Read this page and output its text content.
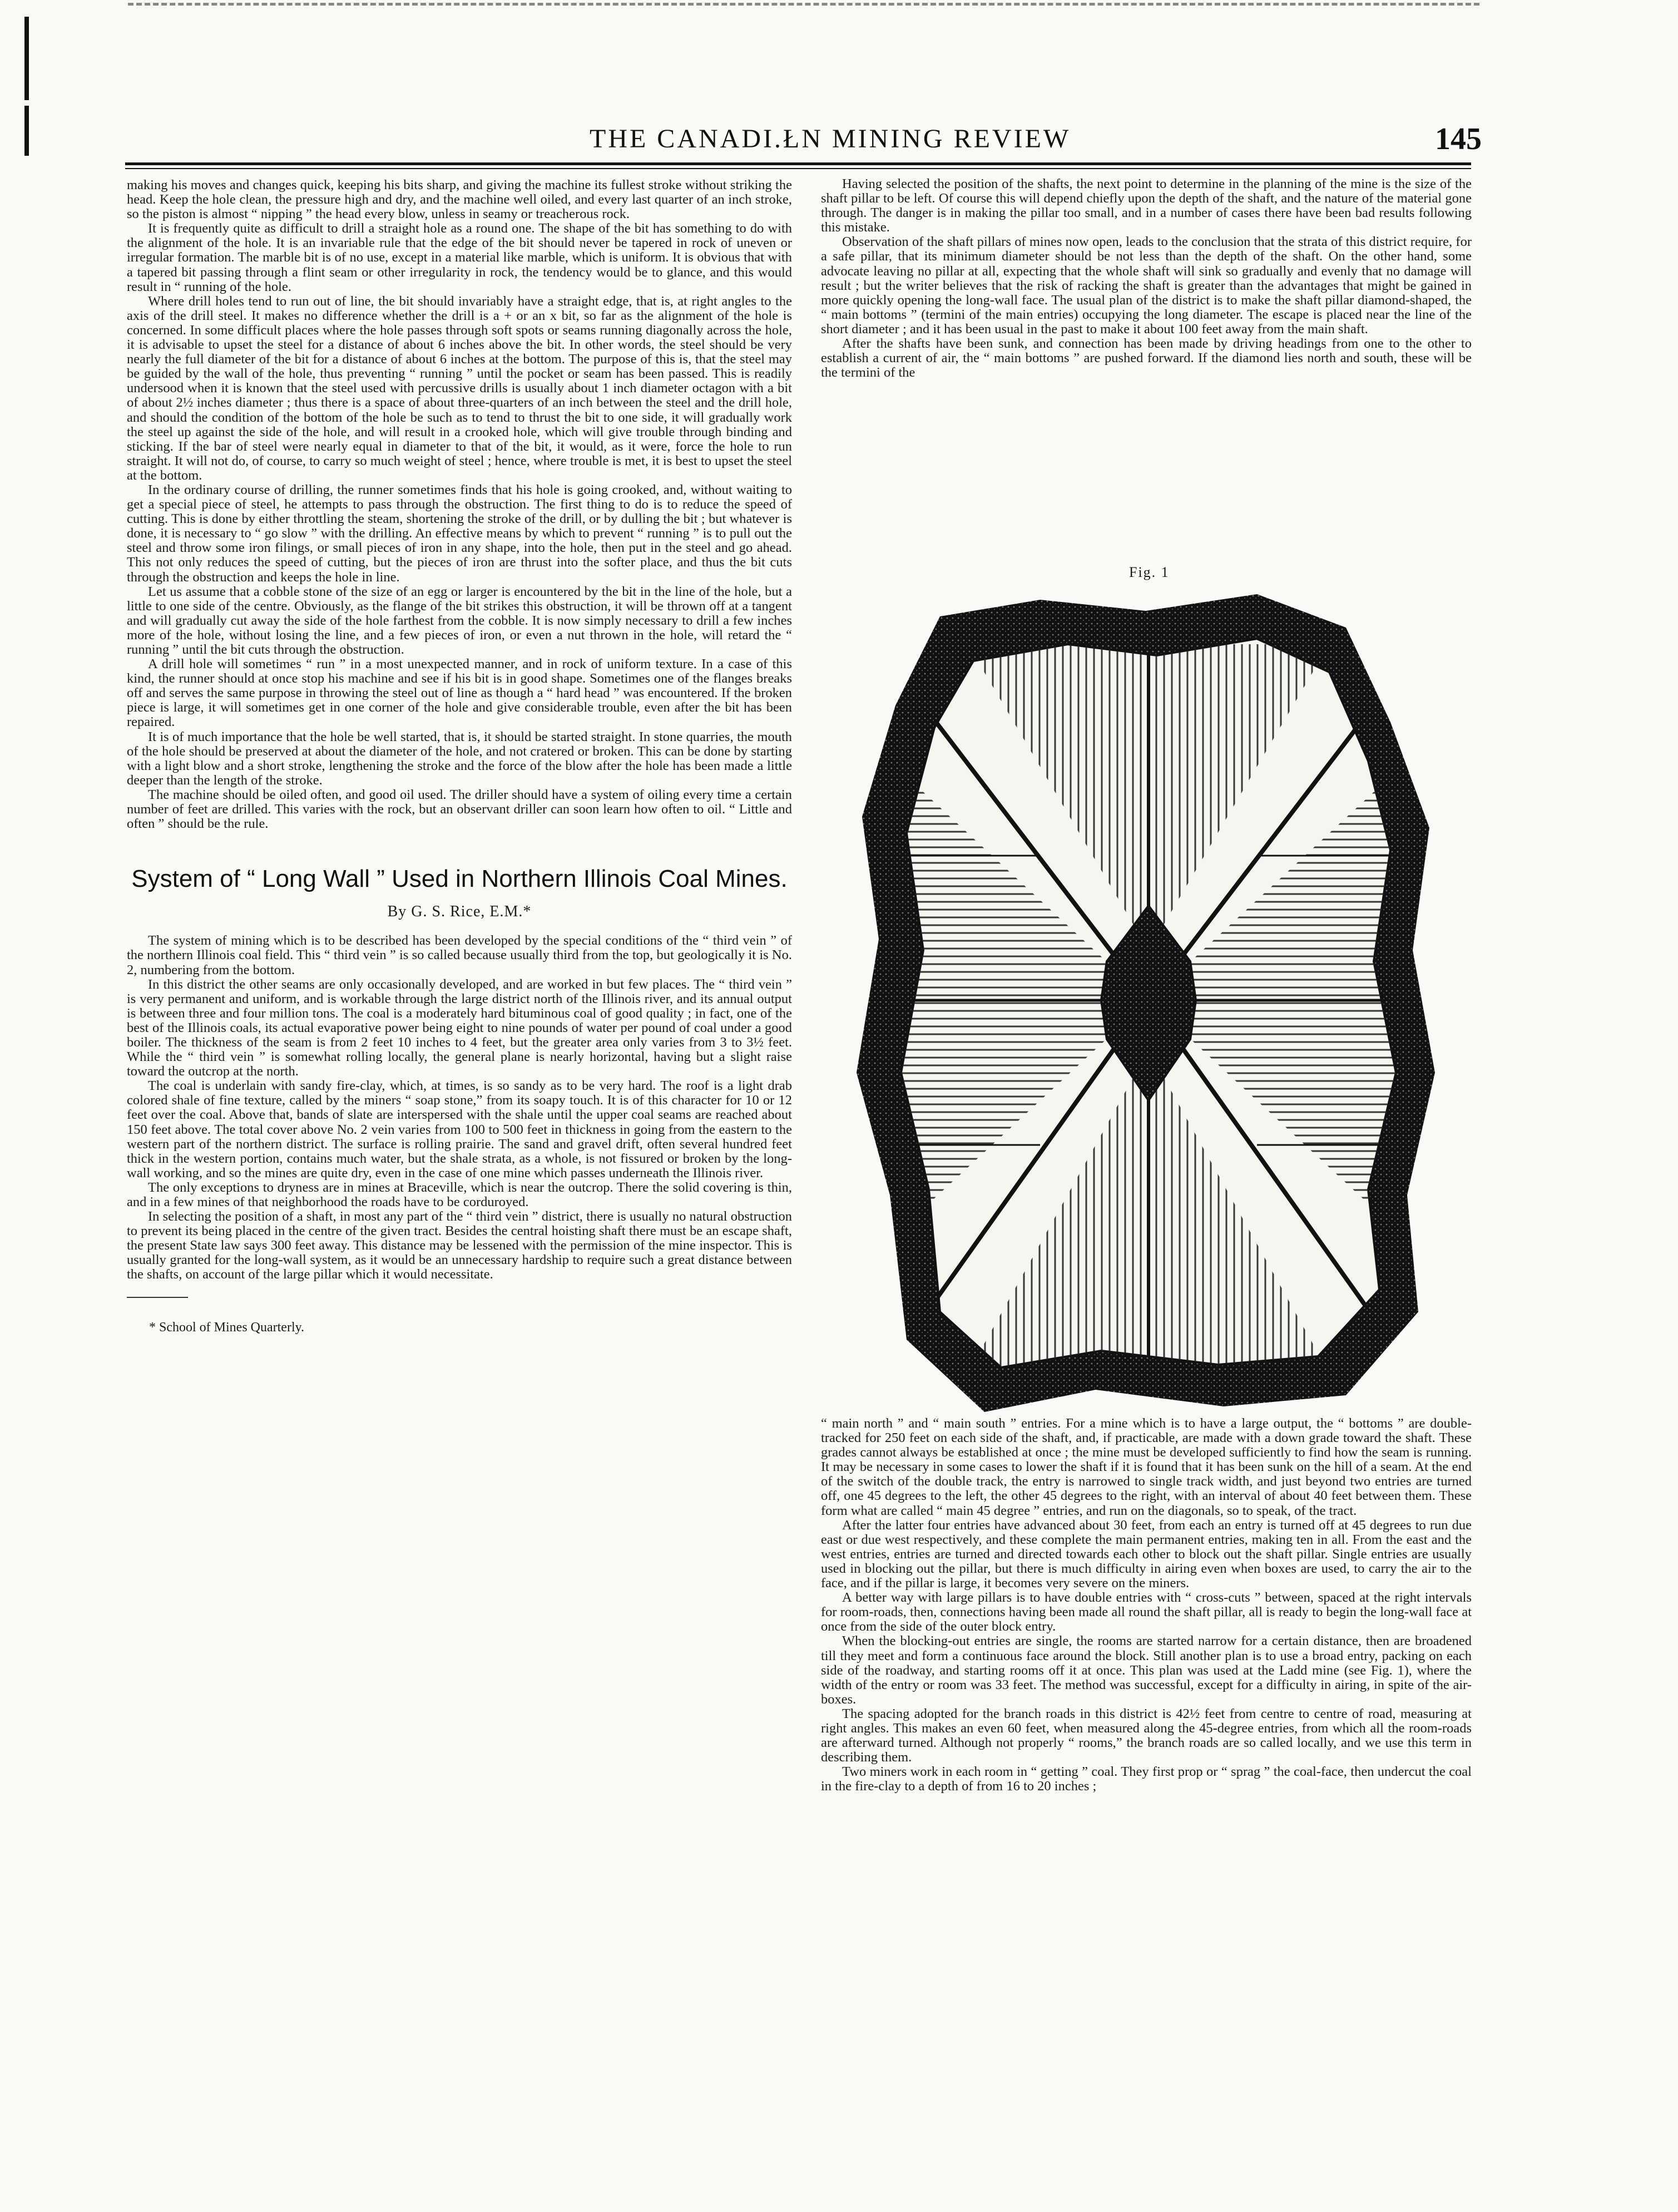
THE CANADI.ŁN MINING REVIEW	145

making his moves and changes quick, keeping his bits sharp, and giving the machine its fullest stroke without striking the head. Keep the hole clean, the pressure high and dry, and the machine well oiled, and every last quarter of an inch stroke, so the piston is almost “ nipping ” the head every blow, unless in seamy or treacherous rock.

It is frequently quite as difficult to drill a straight hole as a round one. The shape of the bit has something to do with the alignment of the hole. It is an invariable rule that the edge of the bit should never be tapered in rock of uneven or irregular formation. The marble bit is of no use, except in a material like marble, which is uniform. It is obvious that with a tapered bit passing through a flint seam or other irregularity in rock, the tendency would be to glance, and this would result in “ running of the hole.

Where drill holes tend to run out of line, the bit should invariably have a straight edge, that is, at right angles to the axis of the drill steel. It makes no difference whether the drill is a + or an x bit, so far as the alignment of the hole is concerned. In some difficult places where the hole passes through soft spots or seams running diagonally across the hole, it is advisable to upset the steel for a distance of about 6 inches above the bit. In other words, the steel should be very nearly the full diameter of the bit for a distance of about 6 inches at the bottom. The purpose of this is, that the steel may be guided by the wall of the hole, thus preventing “ running ” until the pocket or seam has been passed. This is readily undersood when it is known that the steel used with percussive drills is usually about 1 inch diameter octagon with a bit of about 2½ inches diameter ; thus there is a space of about three-quarters of an inch between the steel and the drill hole, and should the condition of the bottom of the hole be such as to tend to thrust the bit to one side, it will gradually work the steel up against the side of the hole, and will result in a crooked hole, which will give trouble through binding and sticking. If the bar of steel were nearly equal in diameter to that of the bit, it would, as it were, force the hole to run straight. It will not do, of course, to carry so much weight of steel ; hence, where trouble is met, it is best to upset the steel at the bottom.

In the ordinary course of drilling, the runner sometimes finds that his hole is going crooked, and, without waiting to get a special piece of steel, he attempts to pass through the obstruction. The first thing to do is to reduce the speed of cutting. This is done by either throttling the steam, shortening the stroke of the drill, or by dulling the bit ; but whatever is done, it is necessary to “ go slow ” with the drilling. An effective means by which to prevent “ running ” is to pull out the steel and throw some iron filings, or small pieces of iron in any shape, into the hole, then put in the steel and go ahead. This not only reduces the speed of cutting, but the pieces of iron are thrust into the softer place, and thus the bit cuts through the obstruction and keeps the hole in line.

Let us assume that a cobble stone of the size of an egg or larger is encountered by the bit in the line of the hole, but a little to one side of the centre. Obviously, as the flange of the bit strikes this obstruction, it will be thrown off at a tangent and will gradually cut away the side of the hole farthest from the cobble. It is now simply necessary to drill a few inches more of the hole, without losing the line, and a few pieces of iron, or even a nut thrown in the hole, will retard the “ running ” until the bit cuts through the obstruction.

A drill hole will sometimes “ run ” in a most unexpected manner, and in rock of uniform texture. In a case of this kind, the runner should at once stop his machine and see if his bit is in good shape. Sometimes one of the flanges breaks off and serves the same purpose in throwing the steel out of line as though a “ hard head ” was encountered. If the broken piece is large, it will sometimes get in one corner of the hole and give considerable trouble, even after the bit has been repaired.

It is of much importance that the hole be well started, that is, it should be started straight. In stone quarries, the mouth of the hole should be preserved at about the diameter of the hole, and not cratered or broken. This can be done by starting with a light blow and a short stroke, lengthening the stroke and the force of the blow after the hole has been made a little deeper than the length of the stroke.

The machine should be oiled often, and good oil used. The driller should have a system of oiling every time a certain number of feet are drilled. This varies with the rock, but an observant driller can soon learn how often to oil. “ Little and often ” should be the rule.

System of “ Long Wall ” Used in Northern Illinois Coal Mines.
By G. S. Rice, E.M.*

The system of mining which is to be described has been developed by the special conditions of the “ third vein ” of the northern Illinois coal field. This “ third vein ” is so called because usually third from the top, but geologically it is No. 2, numbering from the bottom.

In this district the other seams are only occasionally developed, and are worked in but few places. The “ third vein ” is very permanent and uniform, and is workable through the large district north of the Illinois river, and its annual output is between three and four million tons. The coal is a moderately hard bituminous coal of good quality ; in fact, one of the best of the Illinois coals, its actual evaporative power being eight to nine pounds of water per pound of coal under a good boiler. The thickness of the seam is from 2 feet 10 inches to 4 feet, but the greater area only varies from 3 to 3½ feet. While the “ third vein ” is somewhat rolling locally, the general plane is nearly horizontal, having but a slight raise toward the outcrop at the north.

The coal is underlain with sandy fire-clay, which, at times, is so sandy as to be very hard. The roof is a light drab colored shale of fine texture, called by the miners “ soap stone,” from its soapy touch. It is of this character for 10 or 12 feet over the coal. Above that, bands of slate are interspersed with the shale until the upper coal seams are reached about 150 feet above. The total cover above No. 2 vein varies from 100 to 500 feet in thickness in going from the eastern to the western part of the northern district. The surface is rolling prairie. The sand and gravel drift, often several hundred feet thick in the western portion, contains much water, but the shale strata, as a whole, is not fissured or broken by the long-wall working, and so the mines are quite dry, even in the case of one mine which passes underneath the Illinois river.

The only exceptions to dryness are in mines at Braceville, which is near the outcrop. There the solid covering is thin, and in a few mines of that neighborhood the roads have to be corduroyed.

In selecting the position of a shaft, in most any part of the “ third vein ” district, there is usually no natural obstruction to prevent its being placed in the centre of the given tract. Besides the central hoisting shaft there must be an escape shaft, the present State law says 300 feet away. This distance may be lessened with the permission of the mine inspector. This is usually granted for the long-wall system, as it would be an unnecessary hardship to require such a great distance between the shafts, on account of the large pillar which it would necessitate.

* School of Mines Quarterly.

Having selected the position of the shafts, the next point to determine in the planning of the mine is the size of the shaft pillar to be left. Of course this will depend chiefly upon the depth of the shaft, and the nature of the material gone through. The danger is in making the pillar too small, and in a number of cases there have been bad results following this mistake.

Observation of the shaft pillars of mines now open, leads to the conclusion that the strata of this district require, for a safe pillar, that its minimum diameter should be not less than the depth of the shaft. On the other hand, some advocate leaving no pillar at all, expecting that the whole shaft will sink so gradually and evenly that no damage will result ; but the writer believes that the risk of racking the shaft is greater than the advantages that might be gained in more quickly opening the long-wall face. The usual plan of the district is to make the shaft pillar diamond-shaped, the “ main bottoms ” (termini of the main entries) occupying the long diameter. The escape is placed near the line of the short diameter ; and it has been usual in the past to make it about 100 feet away from the main shaft.

After the shafts have been sunk, and connection has been made by driving headings from one to the other to establish a current of air, the “ main bottoms ” are pushed forward. If the diamond lies north and south, these will be the termini of the

Fig. 1

“ main north ” and “ main south ” entries. For a mine which is to have a large output, the “ bottoms ” are double-tracked for 250 feet on each side of the shaft, and, if practicable, are made with a down grade toward the shaft. These grades cannot always be established at once ; the mine must be developed sufficiently to find how the seam is running. It may be necessary in some cases to lower the shaft if it is found that it has been sunk on the hill of a seam. At the end of the switch of the double track, the entry is narrowed to single track width, and just beyond two entries are turned off, one 45 degrees to the left, the other 45 degrees to the right, with an interval of about 40 feet between them. These form what are called “ main 45 degree ” entries, and run on the diagonals, so to speak, of the tract.

After the latter four entries have advanced about 30 feet, from each an entry is turned off at 45 degrees to run due east or due west respectively, and these complete the main permanent entries, making ten in all. From the east and the west entries, entries are turned and directed towards each other to block out the shaft pillar. Single entries are usually used in blocking out the pillar, but there is much difficulty in airing even when boxes are used, to carry the air to the face, and if the pillar is large, it becomes very severe on the miners.

A better way with large pillars is to have double entries with “ cross-cuts ” between, spaced at the right intervals for room-roads, then, connections having been made all round the shaft pillar, all is ready to begin the long-wall face at once from the side of the outer block entry.

When the blocking-out entries are single, the rooms are started narrow for a certain distance, then are broadened till they meet and form a continuous face around the block. Still another plan is to use a broad entry, packing on each side of the roadway, and starting rooms off it at once. This plan was used at the Ladd mine (see Fig. 1), where the width of the entry or room was 33 feet. The method was successful, except for a difficulty in airing, in spite of the air-boxes.

The spacing adopted for the branch roads in this district is 42½ feet from centre to centre of road, measuring at right angles. This makes an even 60 feet, when measured along the 45-degree entries, from which all the room-roads are afterward turned. Although not properly “ rooms,” the branch roads are so called locally, and we use this term in describing them.

Two miners work in each room in “ getting ” coal. They first prop or “ sprag ” the coal-face, then undercut the coal in the fire-clay to a depth of from 16 to 20 inches ;
